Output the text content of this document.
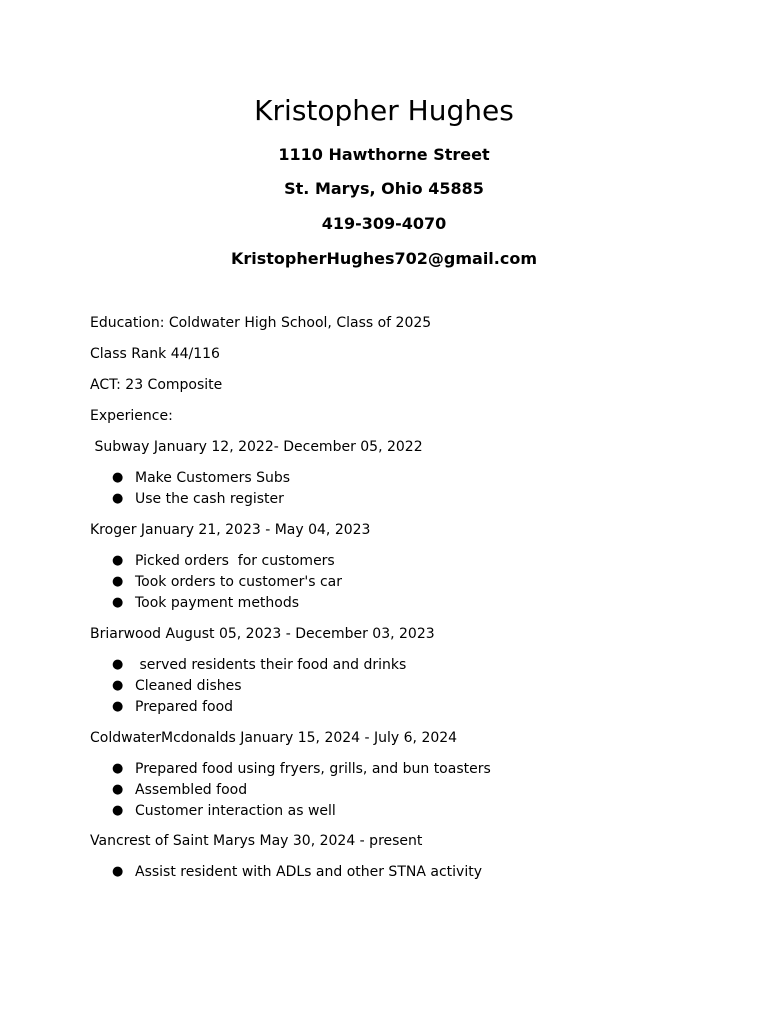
Kristopher Hughes
1110 Hawthorne Street
St. Marys, Ohio 45885
419-309-4070
KristopherHughes702@gmail.com
Education: Coldwater High School, Class of 2025
Class Rank 44/116
ACT: 23 Composite
Experience:
Subway January 12, 2022- December 05, 2022
● Make Customers Subs
● Use the cash register
Kroger January 21, 2023 - May 04, 2023
● Picked orders  for customers
● Took orders to customer's car
● Took payment methods
Briarwood August 05, 2023 - December 03, 2023
● served residents their food and drinks
● Cleaned dishes
● Prepared food
ColdwaterMcdonalds January 15, 2024 - July 6, 2024
● Prepared food using fryers, grills, and bun toasters
● Assembled food
● Customer interaction as well
Vancrest of Saint Marys May 30, 2024 - present
● Assist resident with ADLs and other STNA activity
